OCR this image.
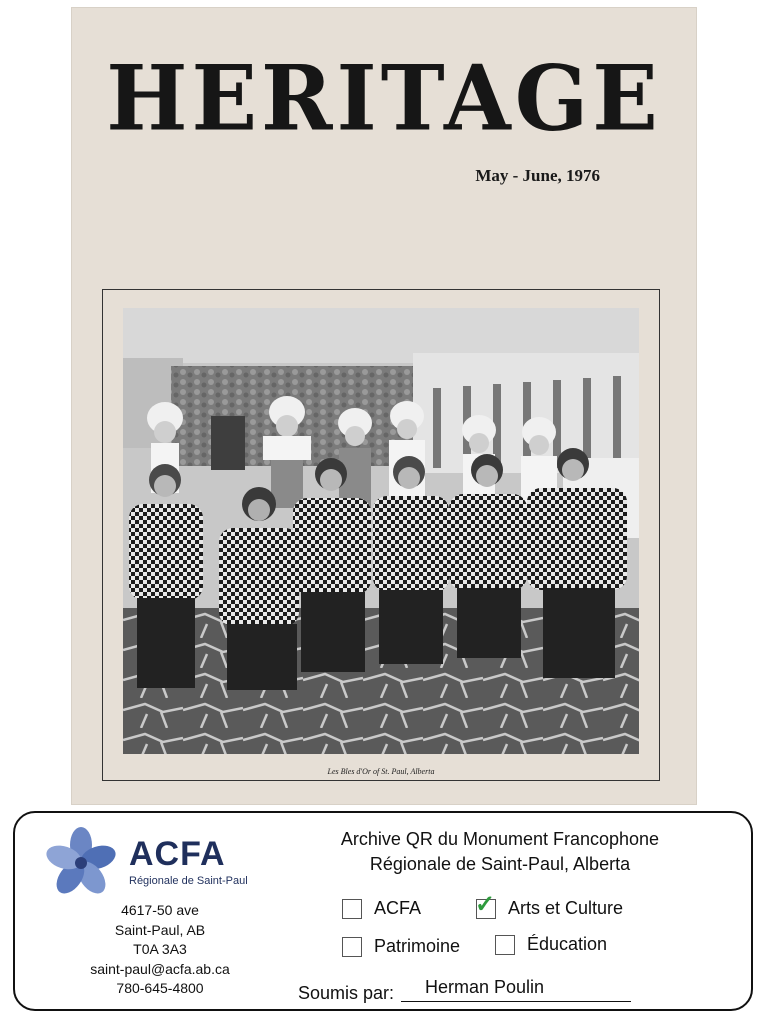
HERITAGE
May - June, 1976
Les Bles d'Or of St. Paul, Alberta
ACFA
Régionale de Saint-Paul
4617-50 ave
Saint-Paul, AB
T0A 3A3
saint-paul@acfa.ab.ca
780-645-4800
Archive QR du Monument Francophone
Régionale de Saint-Paul, Alberta
ACFA ✓ Arts et Culture
Patrimoine	Éducation
Soumis par: Herman Poulin
